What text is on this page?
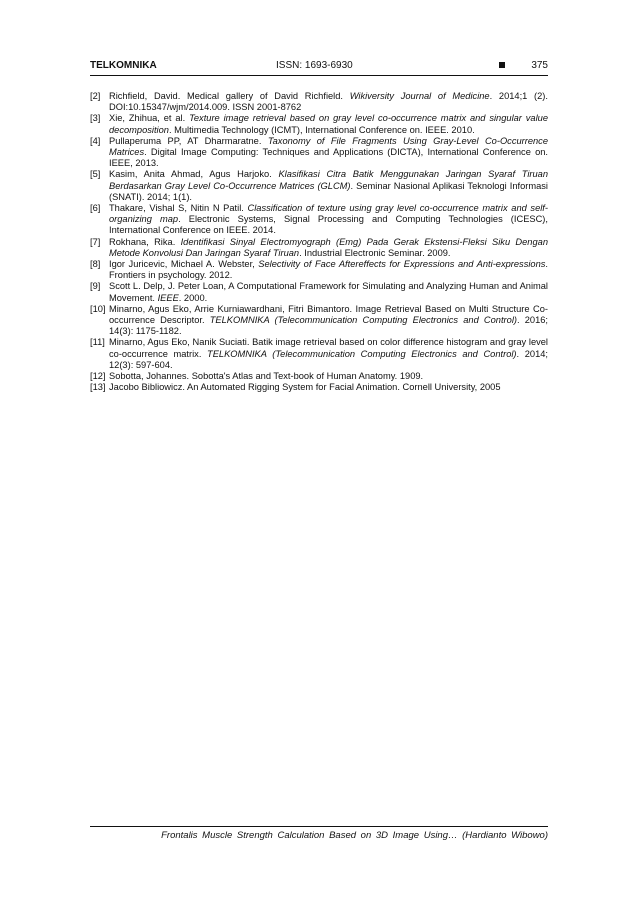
TELKOMNIKA	ISSN: 1693-6930	375
[2] Richfield, David. Medical gallery of David Richfield. Wikiversity Journal of Medicine. 2014;1 (2). DOI:10.15347/wjm/2014.009. ISSN 2001-8762
[3] Xie, Zhihua, et al. Texture image retrieval based on gray level co-occurrence matrix and singular value decomposition. Multimedia Technology (ICMT), International Conference on. IEEE. 2010.
[4] Pullaperuma PP, AT Dharmaratne. Taxonomy of File Fragments Using Gray-Level Co-Occurrence Matrices. Digital Image Computing: Techniques and Applications (DICTA), International Conference on. IEEE, 2013.
[5] Kasim, Anita Ahmad, Agus Harjoko. Klasifikasi Citra Batik Menggunakan Jaringan Syaraf Tiruan Berdasarkan Gray Level Co-Occurrence Matrices (GLCM). Seminar Nasional Aplikasi Teknologi Informasi (SNATI). 2014; 1(1).
[6] Thakare, Vishal S, Nitin N Patil. Classification of texture using gray level co-occurrence matrix and self-organizing map. Electronic Systems, Signal Processing and Computing Technologies (ICESC), International Conference on IEEE. 2014.
[7] Rokhana, Rika. Identifikasi Sinyal Electromyograph (Emg) Pada Gerak Ekstensi-Fleksi Siku Dengan Metode Konvolusi Dan Jaringan Syaraf Tiruan. Industrial Electronic Seminar. 2009.
[8] Igor Juricevic, Michael A. Webster, Selectivity of Face Aftereffects for Expressions and Anti-expressions. Frontiers in psychology. 2012.
[9] Scott L. Delp, J. Peter Loan, A Computational Framework for Simulating and Analyzing Human and Animal Movement. IEEE. 2000.
[10] Minarno, Agus Eko, Arrie Kurniawardhani, Fitri Bimantoro. Image Retrieval Based on Multi Structure Co-occurrence Descriptor. TELKOMNIKA (Telecommunication Computing Electronics and Control). 2016; 14(3): 1175-1182.
[11] Minarno, Agus Eko, Nanik Suciati. Batik image retrieval based on color difference histogram and gray level co-occurrence matrix. TELKOMNIKA (Telecommunication Computing Electronics and Control). 2014; 12(3): 597-604.
[12] Sobotta, Johannes. Sobotta's Atlas and Text-book of Human Anatomy. 1909.
[13] Jacobo Bibliowicz. An Automated Rigging System for Facial Animation. Cornell University, 2005
Frontalis Muscle Strength Calculation Based on 3D Image Using… (Hardianto Wibowo)
